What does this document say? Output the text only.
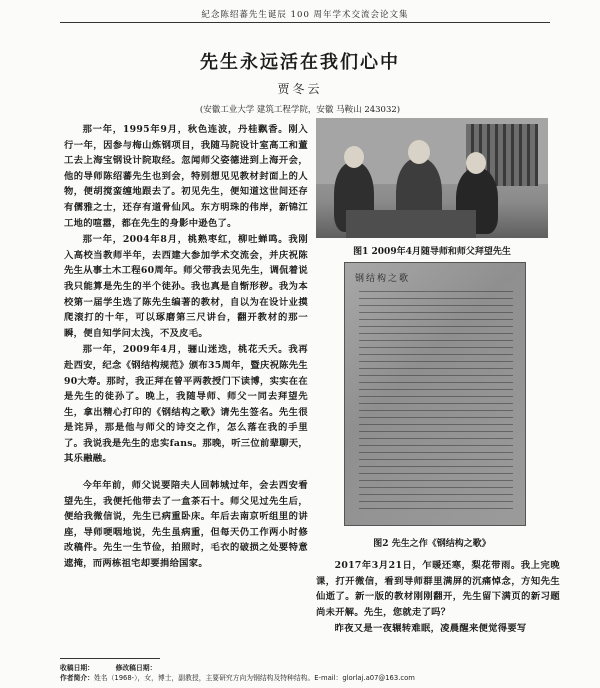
紀念陈绍蕃先生诞辰 100 周年学术交流会论文集
先生永远活在我们心中
贾冬云
(安徽工业大学 建筑工程学院，安徽 马鞍山 243032)

那一年，1995年9月，秋色连波，丹桂飘香。刚入行一年，因参与梅山炼钢项目，我随马院设计室高工和董工去上海宝钢设计院取经。忽闻师父姿德进到上海开会，他的导师陈绍蕃先生也到会，特别想见见教材封面上的人物，便胡搅蛮缠地跟去了。初见先生，便知道这世间还存有儒雅之士，还存有道骨仙风。东方明珠的伟岸，新锦江工地的喧嚣，都在先生的身影中逊色了。

那一年，2004年8月，桃熟枣红，柳吐蝉鸣。我刚入高校当教师半年，去西建大参加学术交流会，并庆祝陈先生从事土木工程60周年。师父带我去见先生，调侃着说我只能算是先生的半个徒孙。我也真是自惭形秽。我为本校第一届学生选了陈先生编著的教材，自以为在设计业摸爬滚打的十年，可以琢磨第三尺讲台，翻开教材的那一瞬，便自知学问太浅，不及皮毛。

那一年，2009年4月，骊山迷迭，桃花夭夭。我再赴西安，纪念《钢结构规范》颁布35周年，暨庆祝陈先生90大寿。那时，我正拜在曾平两教授门下读博，实实在在是先生的徒孙了。晚上，我随导师、师父一同去拜望先生，拿出精心打印的《钢结构之歌》请先生签名。先生很是诧异，那是他与师父的诗交之作，怎么落在我的手里了。我说我是先生的忠实fans。那晚，听三位前辈聊天，其乐融融。

今年年前，师父说要陪夫人回韩城过年，会去西安看望先生，我便托他带去了一盒茶石十。师父见过先生后，便给我微信说，先生已病重卧床。年后去南京听组里的讲座，导师哽咽地说，先生虽病重，但每天仍工作两小时修改稿件。先生一生节俭，拍照时，毛衣的破损之处要特意遮掩，而两栋祖宅却要捐给国家。

图1 2009年4月随导师和师父拜望先生
钢结构之歌
图2 先生之作《钢结构之歌》

2017年3月21日，乍暖还寒，梨花带雨。我上完晚课，打开微信，看到导师群里满屏的沉痛悼念，方知先生仙逝了。新一版的教材刚刚翻开，先生留下满页的新习题尚未开解。先生，您就走了吗？

昨夜又是一夜辗转难眠，凌晨醒来便觉得要写

收稿日期：	修改稿日期：
作者简介：姓名（1968-），女，博士，副教授，主要研究方向为钢结构及特种结构。E-mail：glorlaj.a07@163.com
